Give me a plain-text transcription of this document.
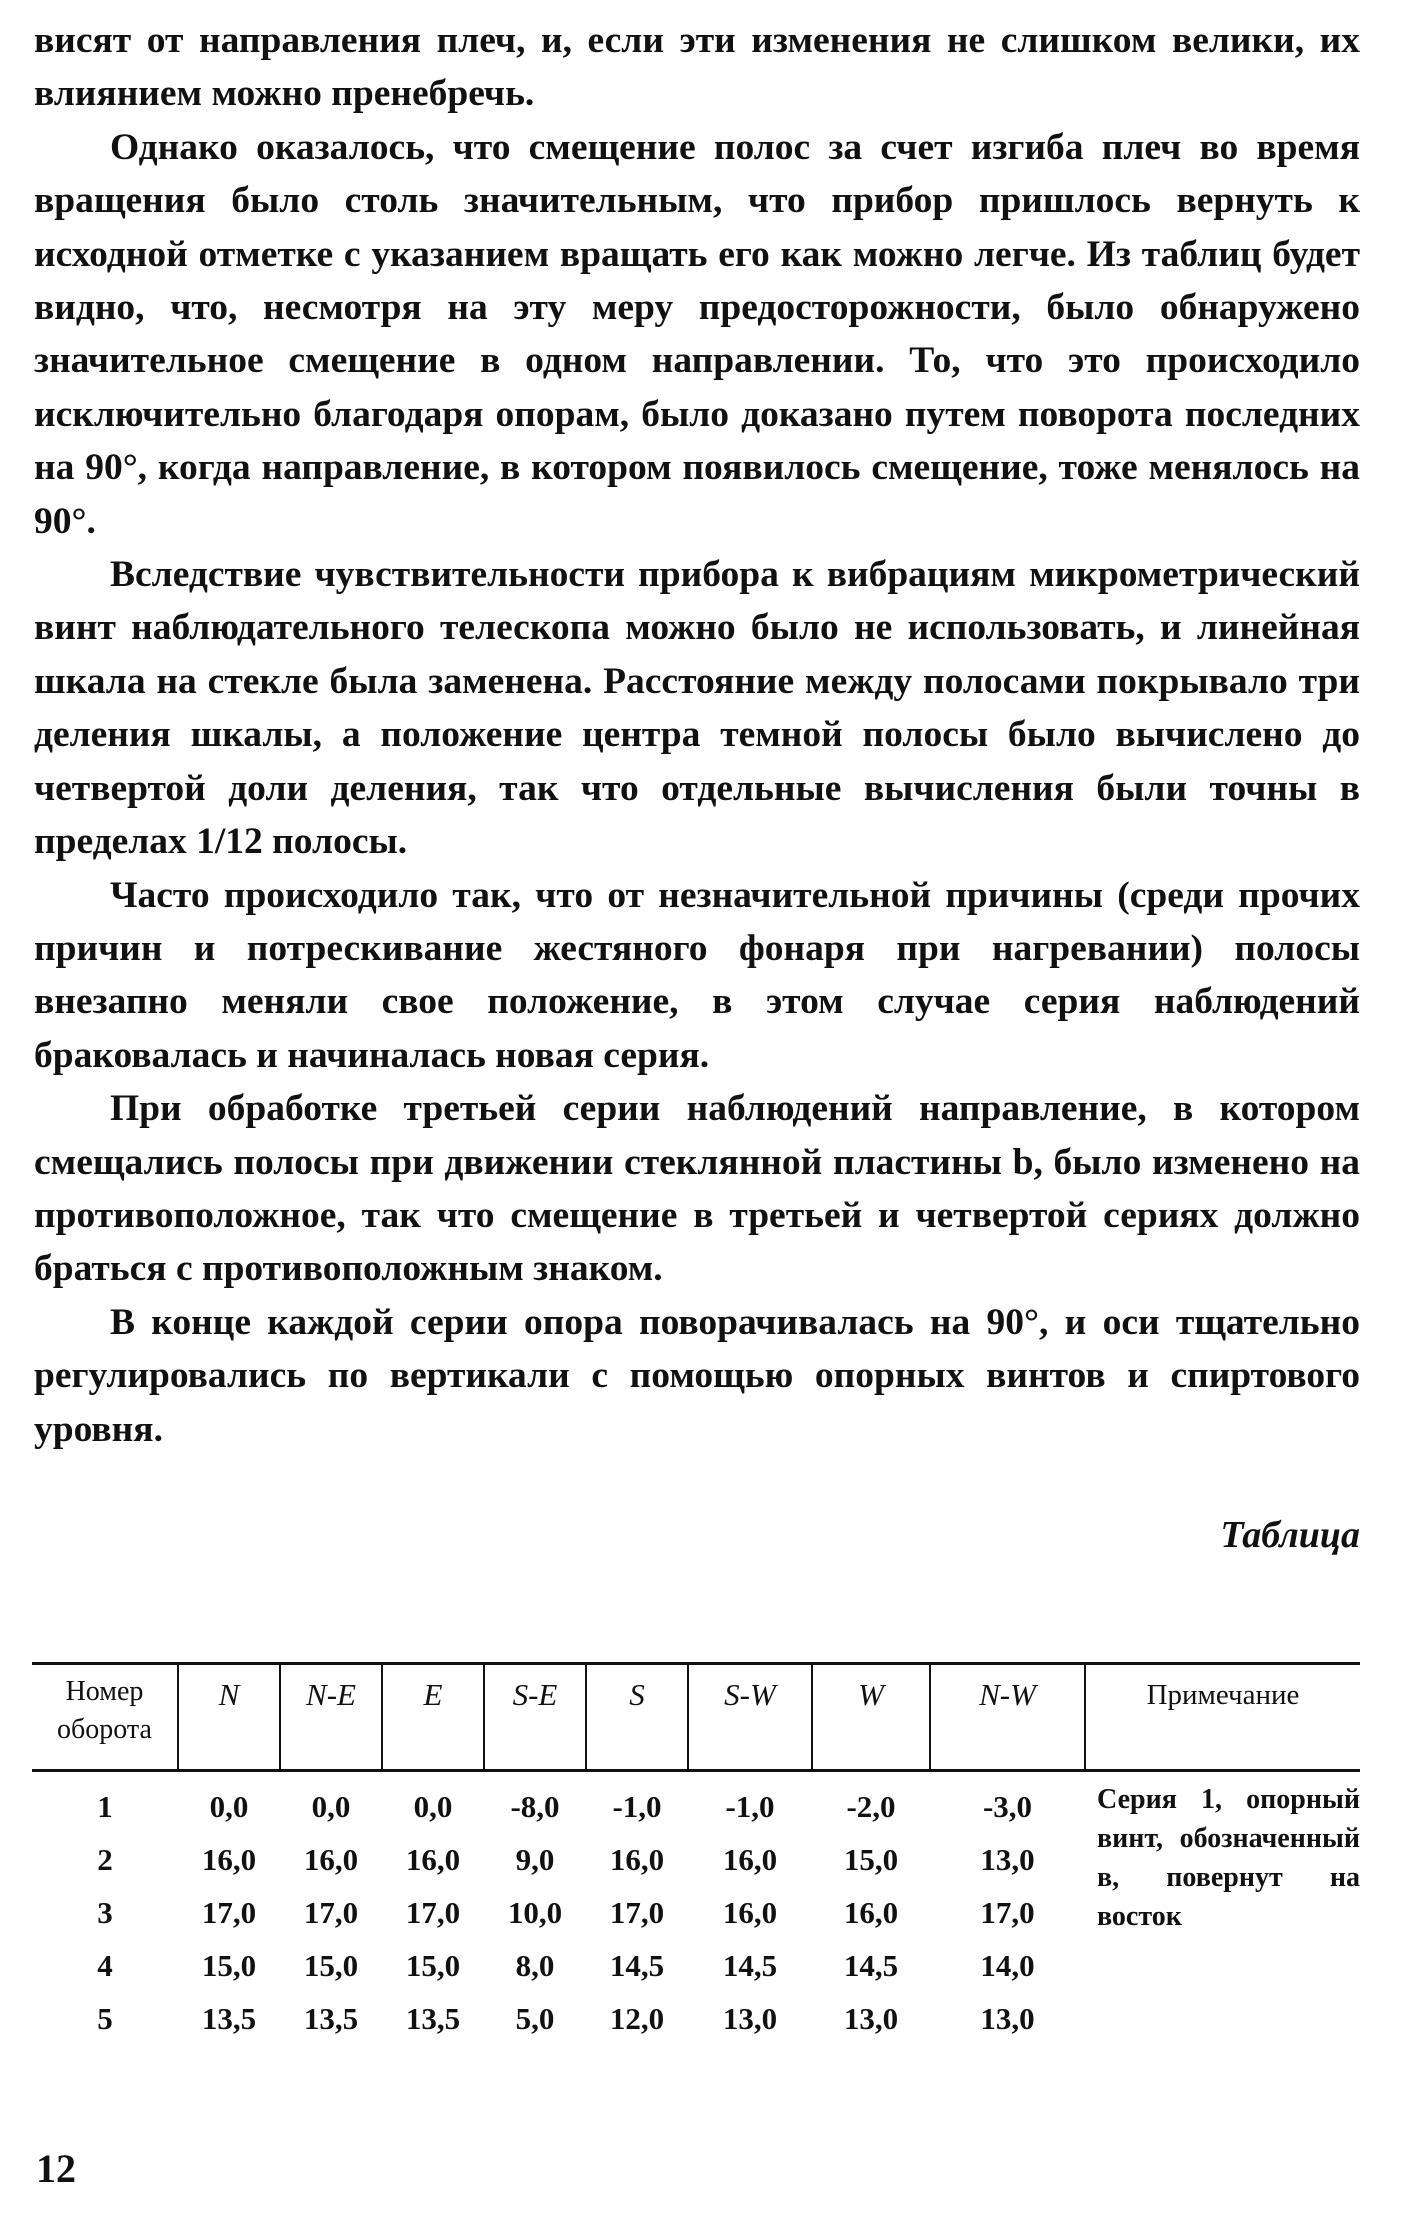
висят от направления плеч, и, если эти изменения не слишком велики, их влиянием можно пренебречь.

Однако оказалось, что смещение полос за счет изгиба плеч во время вращения было столь значительным, что прибор пришлось вернуть к исходной отметке с указанием вращать его как можно легче. Из таблиц будет видно, что, несмотря на эту меру предосторожности, было обнаружено значительное смещение в одном направлении. То, что это происходило исключительно благодаря опорам, было доказано путем поворота последних на 90°, когда направление, в котором появилось смещение, тоже менялось на 90°.

Вследствие чувствительности прибора к вибрациям микрометрический винт наблюдательного телескопа можно было не использовать, и линейная шкала на стекле была заменена. Расстояние между полосами покрывало три деления шкалы, а положение центра темной полосы было вычислено до четвертой доли деления, так что отдельные вычисления были точны в пределах 1/12 полосы.

Часто происходило так, что от незначительной причины (среди прочих причин и потрескивание жестяного фонаря при нагревании) полосы внезапно меняли свое положение, в этом случае серия наблюдений браковалась и начиналась новая серия.

При обработке третьей серии наблюдений направление, в котором смещались полосы при движении стеклянной пластины b, было изменено на противоположное, так что смещение в третьей и четвертой сериях должно браться с противоположным знаком.

В конце каждой серии опора поворачивалась на 90°, и оси тщательно регулировались по вертикали с помощью опорных винтов и спиртового уровня.

Таблица
Номер оборота	N	N-E	E	S-E	S	S-W	W	N-W	Примечание
1	0,0	0,0	0,0	-8,0	-1,0	-1,0	-2,0	-3,0	Серия 1, опорный винт, обозначенный в, повернут на восток
2	16,0	16,0	16,0	9,0	16,0	16,0	15,0	13,0	
3	17,0	17,0	17,0	10,0	17,0	16,0	16,0	17,0	
4	15,0	15,0	15,0	8,0	14,5	14,5	14,5	14,0	
5	13,5	13,5	13,5	5,0	12,0	13,0	13,0	13,0	
12
